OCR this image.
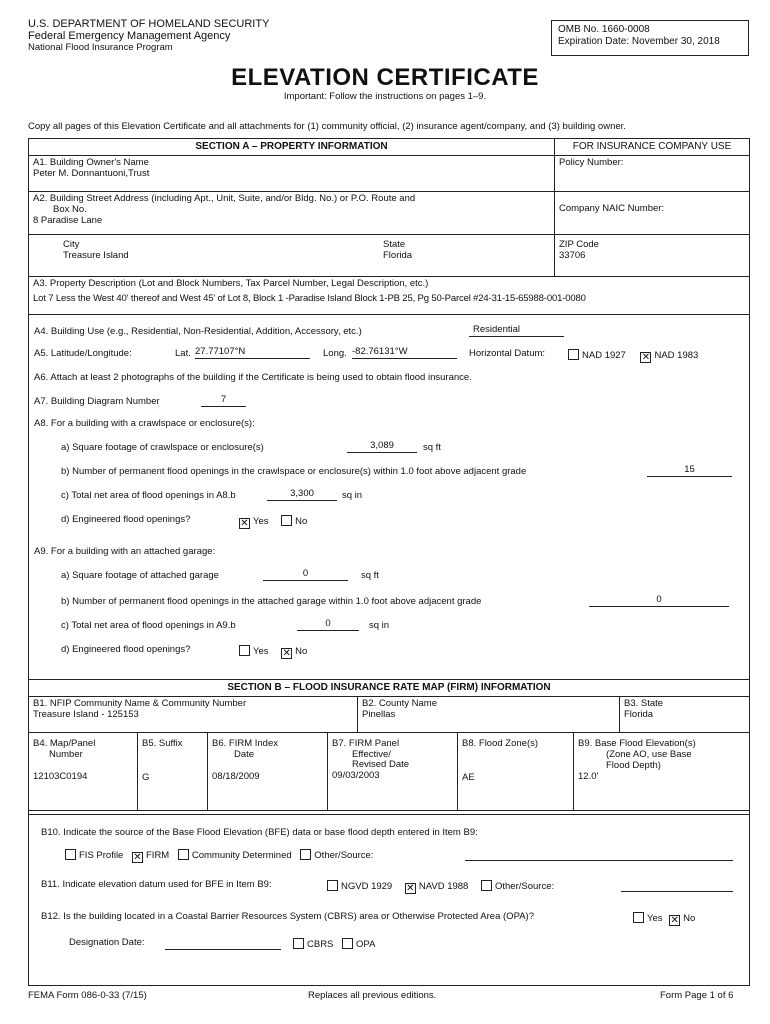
U.S. DEPARTMENT OF HOMELAND SECURITY
Federal Emergency Management Agency
National Flood Insurance Program
OMB No. 1660-0008
Expiration Date: November 30, 2018
ELEVATION CERTIFICATE
Important: Follow the instructions on pages 1–9.
Copy all pages of this Elevation Certificate and all attachments for (1) community official, (2) insurance agent/company, and (3) building owner.
SECTION A – PROPERTY INFORMATION	FOR INSURANCE COMPANY USE
A1. Building Owner's Name
Peter M. Donnantuoni,Trust
Policy Number:
A2. Building Street Address (including Apt., Unit, Suite, and/or Bldg. No.) or P.O. Route and
Box No.
8 Paradise Lane
Company NAIC Number:
City
Treasure Island
State
Florida
ZIP Code
33706
A3. Property Description (Lot and Block Numbers, Tax Parcel Number, Legal Description, etc.)
Lot 7 Less the West 40' thereof and West 45' of Lot 8, Block 1 -Paradise Island Block 1-PB 25, Pg 50-Parcel #24-31-15-65988-001-0080
A4. Building Use (e.g., Residential, Non-Residential, Addition, Accessory, etc.)	Residential
A5. Latitude/Longitude:	Lat. 27.77107°N	Long. -82.76131°W	Horizontal Datum:	NAD 1927 ✕ NAD 1983
A6. Attach at least 2 photographs of the building if the Certificate is being used to obtain flood insurance.
A7. Building Diagram Number	7
A8. For a building with a crawlspace or enclosure(s):
a) Square footage of crawlspace or enclosure(s)	3,089	sq ft
b) Number of permanent flood openings in the crawlspace or enclosure(s) within 1.0 foot above adjacent grade	15
c) Total net area of flood openings in A8.b	3,300	sq in
d) Engineered flood openings?	✕ Yes	No
A9. For a building with an attached garage:
a) Square footage of attached garage	0	sq ft
b) Number of permanent flood openings in the attached garage within 1.0 foot above adjacent grade	0
c) Total net area of flood openings in A9.b	0	sq in
d) Engineered flood openings?	Yes ✕ No
SECTION B – FLOOD INSURANCE RATE MAP (FIRM) INFORMATION
B1. NFIP Community Name & Community Number
Treasure Island - 125153
B2. County Name
Pinellas
B3. State
Florida
B4. Map/Panel
Number
12103C0194
B5. Suffix
G
B6. FIRM Index
Date
08/18/2009
B7. FIRM Panel
Effective/
Revised Date
09/03/2003
B8. Flood Zone(s)
AE
B9. Base Flood Elevation(s)
(Zone AO, use Base
Flood Depth)
12.0'
B10. Indicate the source of the Base Flood Elevation (BFE) data or base flood depth entered in Item B9:
FIS Profile ✕ FIRM Community Determined Other/Source:
B11. Indicate elevation datum used for BFE in Item B9:	NGVD 1929 ✕ NAVD 1988	Other/Source:
B12. Is the building located in a Coastal Barrier Resources System (CBRS) area or Otherwise Protected Area (OPA)?	Yes ✕ No
Designation Date:	CBRS OPA
FEMA Form 086-0-33 (7/15)	Replaces all previous editions.	Form Page 1 of 6
